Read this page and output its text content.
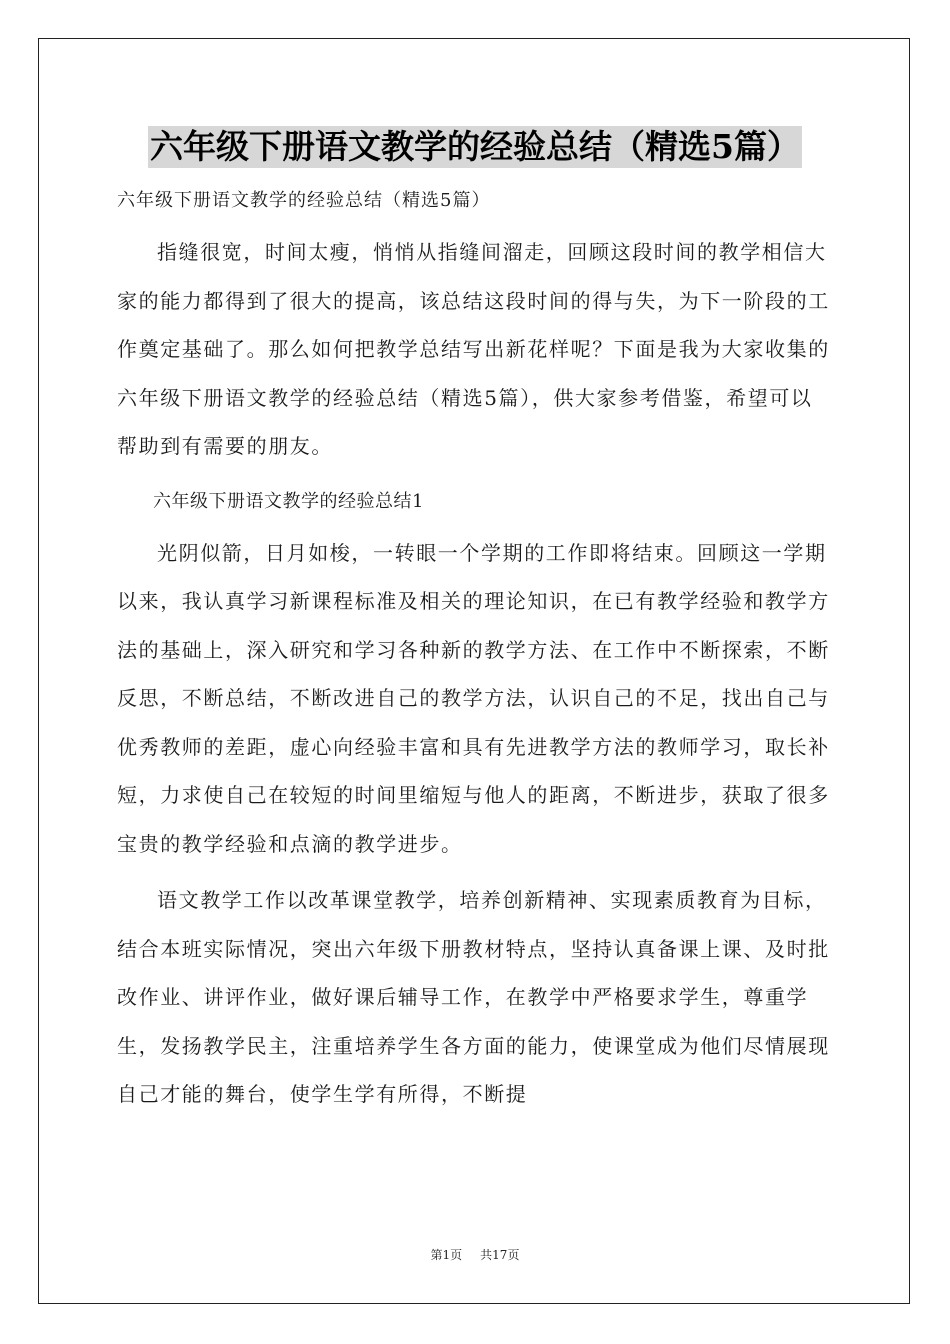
六年级下册语文教学的经验总结（精选5篇）

六年级下册语文教学的经验总结（精选5篇）

指缝很宽，时间太瘦，悄悄从指缝间溜走，回顾这段时间的教学相信大家的能力都得到了很大的提高，该总结这段时间的得与失，为下一阶段的工作奠定基础了。那么如何把教学总结写出新花样呢？下面是我为大家收集的六年级下册语文教学的经验总结（精选5篇），供大家参考借鉴，希望可以帮助到有需要的朋友。

六年级下册语文教学的经验总结1

光阴似箭，日月如梭，一转眼一个学期的工作即将结束。回顾这一学期以来，我认真学习新课程标准及相关的理论知识，在已有教学经验和教学方法的基础上，深入研究和学习各种新的教学方法、在工作中不断探索，不断反思，不断总结，不断改进自己的教学方法，认识自己的不足，找出自己与优秀教师的差距，虚心向经验丰富和具有先进教学方法的教师学习，取长补短，力求使自己在较短的时间里缩短与他人的距离，不断进步，获取了很多宝贵的教学经验和点滴的教学进步。

语文教学工作以改革课堂教学，培养创新精神、实现素质教育为目标，结合本班实际情况，突出六年级下册教材特点，坚持认真备课上课、及时批改作业、讲评作业，做好课后辅导工作，在教学中严格要求学生，尊重学生，发扬教学民主，注重培养学生各方面的能力，使课堂成为他们尽情展现自己才能的舞台，使学生学有所得，不断提

第1页 共17页
